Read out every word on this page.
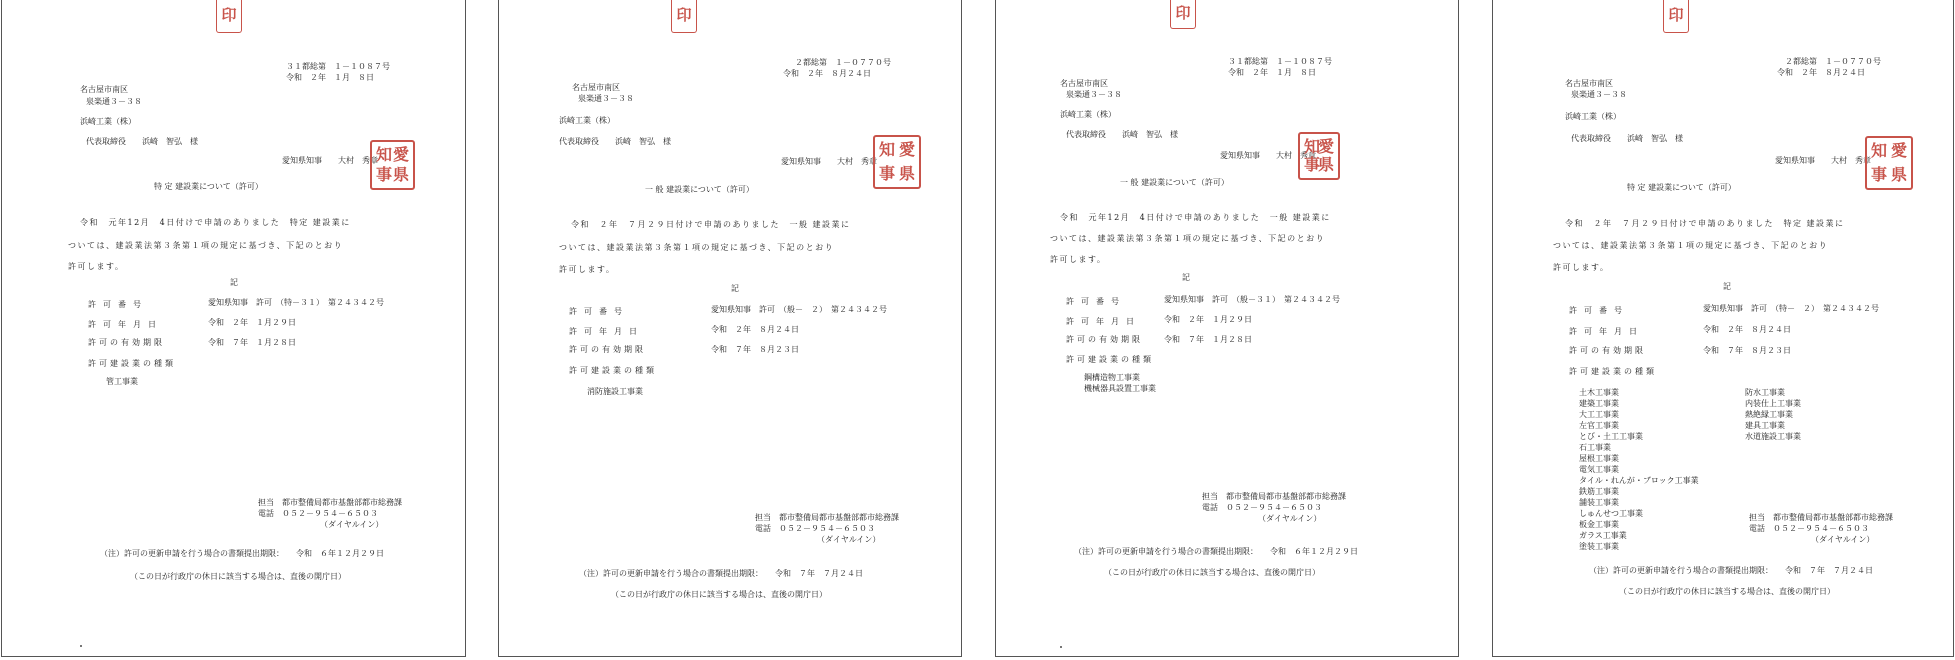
印
３１都総第　１－１０８７号
令和　２年　１月　８日
名古屋市南区
泉楽通３－３８
浜崎工業（株）
代表取締役　　浜崎　智弘　様
愛知県知事　　大村　秀章 愛
知
県
事
特 定 建設業について（許可）
令和　元年12月　4日付けで申請のありました　特定 建設業に
ついては、建設業法第３条第１項の規定に基づき、下記のとおり
許可します。
記
許可番号	愛知県知事　許可　（特－３１）　第２４３４２号
許可年月日	令和　２年　１月２９日
許可の有効期限	令和　７年　１月２８日
許可建設業の種類
管工事業
担当　都市整備局都市基盤部都市総務課
電話　０５２－９５４－６５０３
（ダイヤルイン）
（注）許可の更新申請を行う場合の書類提出期限：　　令和　６年１２月２９日
（この日が行政庁の休日に該当する場合は、直後の開庁日）
印
２都総第　１－０７７０号
令和　２年　８月２４日
名古屋市南区
泉楽通３－３８
浜崎工業（株）
代表取締役　　浜崎　智弘　様
愛知県知事　　大村　秀章
愛
知
県
事
一 般 建設業について（許可）
令和　２年　７月２９日付けで申請のありました　一般 建設業に
ついては、建設業法第３条第１項の規定に基づき、下記のとおり
許可します。
記
許可番号	愛知県知事　許可　（般－　２）　第２４３４２号
許可年月日	令和　２年　８月２４日
許可の有効期限	令和　７年　８月２３日
許可建設業の種類
消防施設工事業
担当　都市整備局都市基盤部都市総務課
電話　０５２－９５４－６５０３
（ダイヤルイン）
（注）許可の更新申請を行う場合の書類提出期限：　　令和　７年　７月２４日
（この日が行政庁の休日に該当する場合は、直後の開庁日）
印
３１都総第　１－１０８７号
令和　２年　１月　８日
名古屋市南区
泉楽通３－３８
浜崎工業（株）
代表取締役　　浜崎　智弘　様
愛知県知事　　大村　秀章 愛
知
県
事
一 般 建設業について（許可）
令和　元年12月　4日付けで申請のありました　一般 建設業に
ついては、建設業法第３条第１項の規定に基づき、下記のとおり
許可します。
記
許可番号	愛知県知事　許可　（般－３１）　第２４３４２号
許可年月日	令和　２年　１月２９日
許可の有効期限	令和　７年　１月２８日
許可建設業の種類
鋼構造物工事業
機械器具設置工事業
担当　都市整備局都市基盤部都市総務課
電話　０５２－９５４－６５０３
（ダイヤルイン）
（注）許可の更新申請を行う場合の書類提出期限：　　令和　６年１２月２９日
（この日が行政庁の休日に該当する場合は、直後の開庁日）
印
２都総第　１－０７７０号
令和　２年　８月２４日
名古屋市南区
泉楽通３－３８
浜崎工業（株）
代表取締役　　浜崎　智弘　様
愛知県知事　　大村　秀章
愛
知
県
事
特 定 建設業について（許可）
令和　２年　７月２９日付けで申請のありました　特定 建設業に
ついては、建設業法第３条第１項の規定に基づき、下記のとおり
許可します。
記
許可番号	愛知県知事　許可　（特－　２）　第２４３４２号
許可年月日	令和　２年　８月２４日
許可の有効期限	令和　７年　８月２３日
許可建設業の種類
土木工事業
建築工事業
大工工事業
左官工事業
とび・土工工事業
石工事業
屋根工事業
電気工事業
タイル・れんが・ブロック工事業
鉄筋工事業
舗装工事業
しゅんせつ工事業
板金工事業
ガラス工事業
塗装工事業
防水工事業
内装仕上工事業
熱絶縁工事業
建具工事業
水道施設工事業
担当　都市整備局都市基盤部都市総務課
電話　０５２－９５４－６５０３
（ダイヤルイン）
（注）許可の更新申請を行う場合の書類提出期限：　　令和　７年　７月２４日
（この日が行政庁の休日に該当する場合は、直後の開庁日）
